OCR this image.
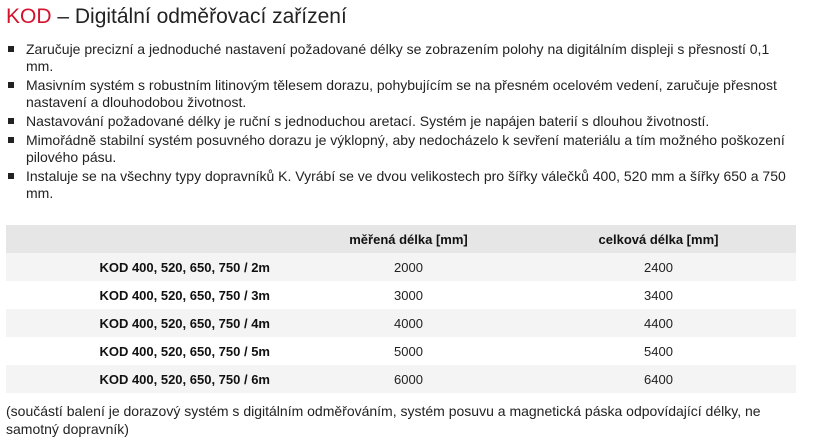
KOD – Digitální odměřovací zařízení
Zaručuje precizní a jednoduché nastavení požadované délky se zobrazením polohy na digitálním displeji s přesností 0,1 mm.
Masivním systém s robustním litinovým tělesem dorazu, pohybujícím se na přesném ocelovém vedení, zaručuje přesnost nastavení a dlouhodobou životnost.
Nastavování požadované délky je ruční s jednoduchou aretací. Systém je napájen baterií s dlouhou životností.
Mimořádně stabilní systém posuvného dorazu je výklopný, aby nedocházelo k sevření materiálu a tím možného poškození pilového pásu.
Instaluje se na všechny typy dopravníků K. Vyrábí se ve dvou velikostech pro šířky válečků 400, 520 mm a šířky 650 a 750 mm.
	měřená délka [mm]	celková délka [mm]
KOD 400, 520, 650, 750 / 2m	2000	2400
KOD 400, 520, 650, 750 / 3m	3000	3400
KOD 400, 520, 650, 750 / 4m	4000	4400
KOD 400, 520, 650, 750 / 5m	5000	5400
KOD 400, 520, 650, 750 / 6m	6000	6400
(součástí balení je dorazový systém s digitálním odměřováním, systém posuvu a magnetická páska odpovídající délky, ne samotný dopravník)
